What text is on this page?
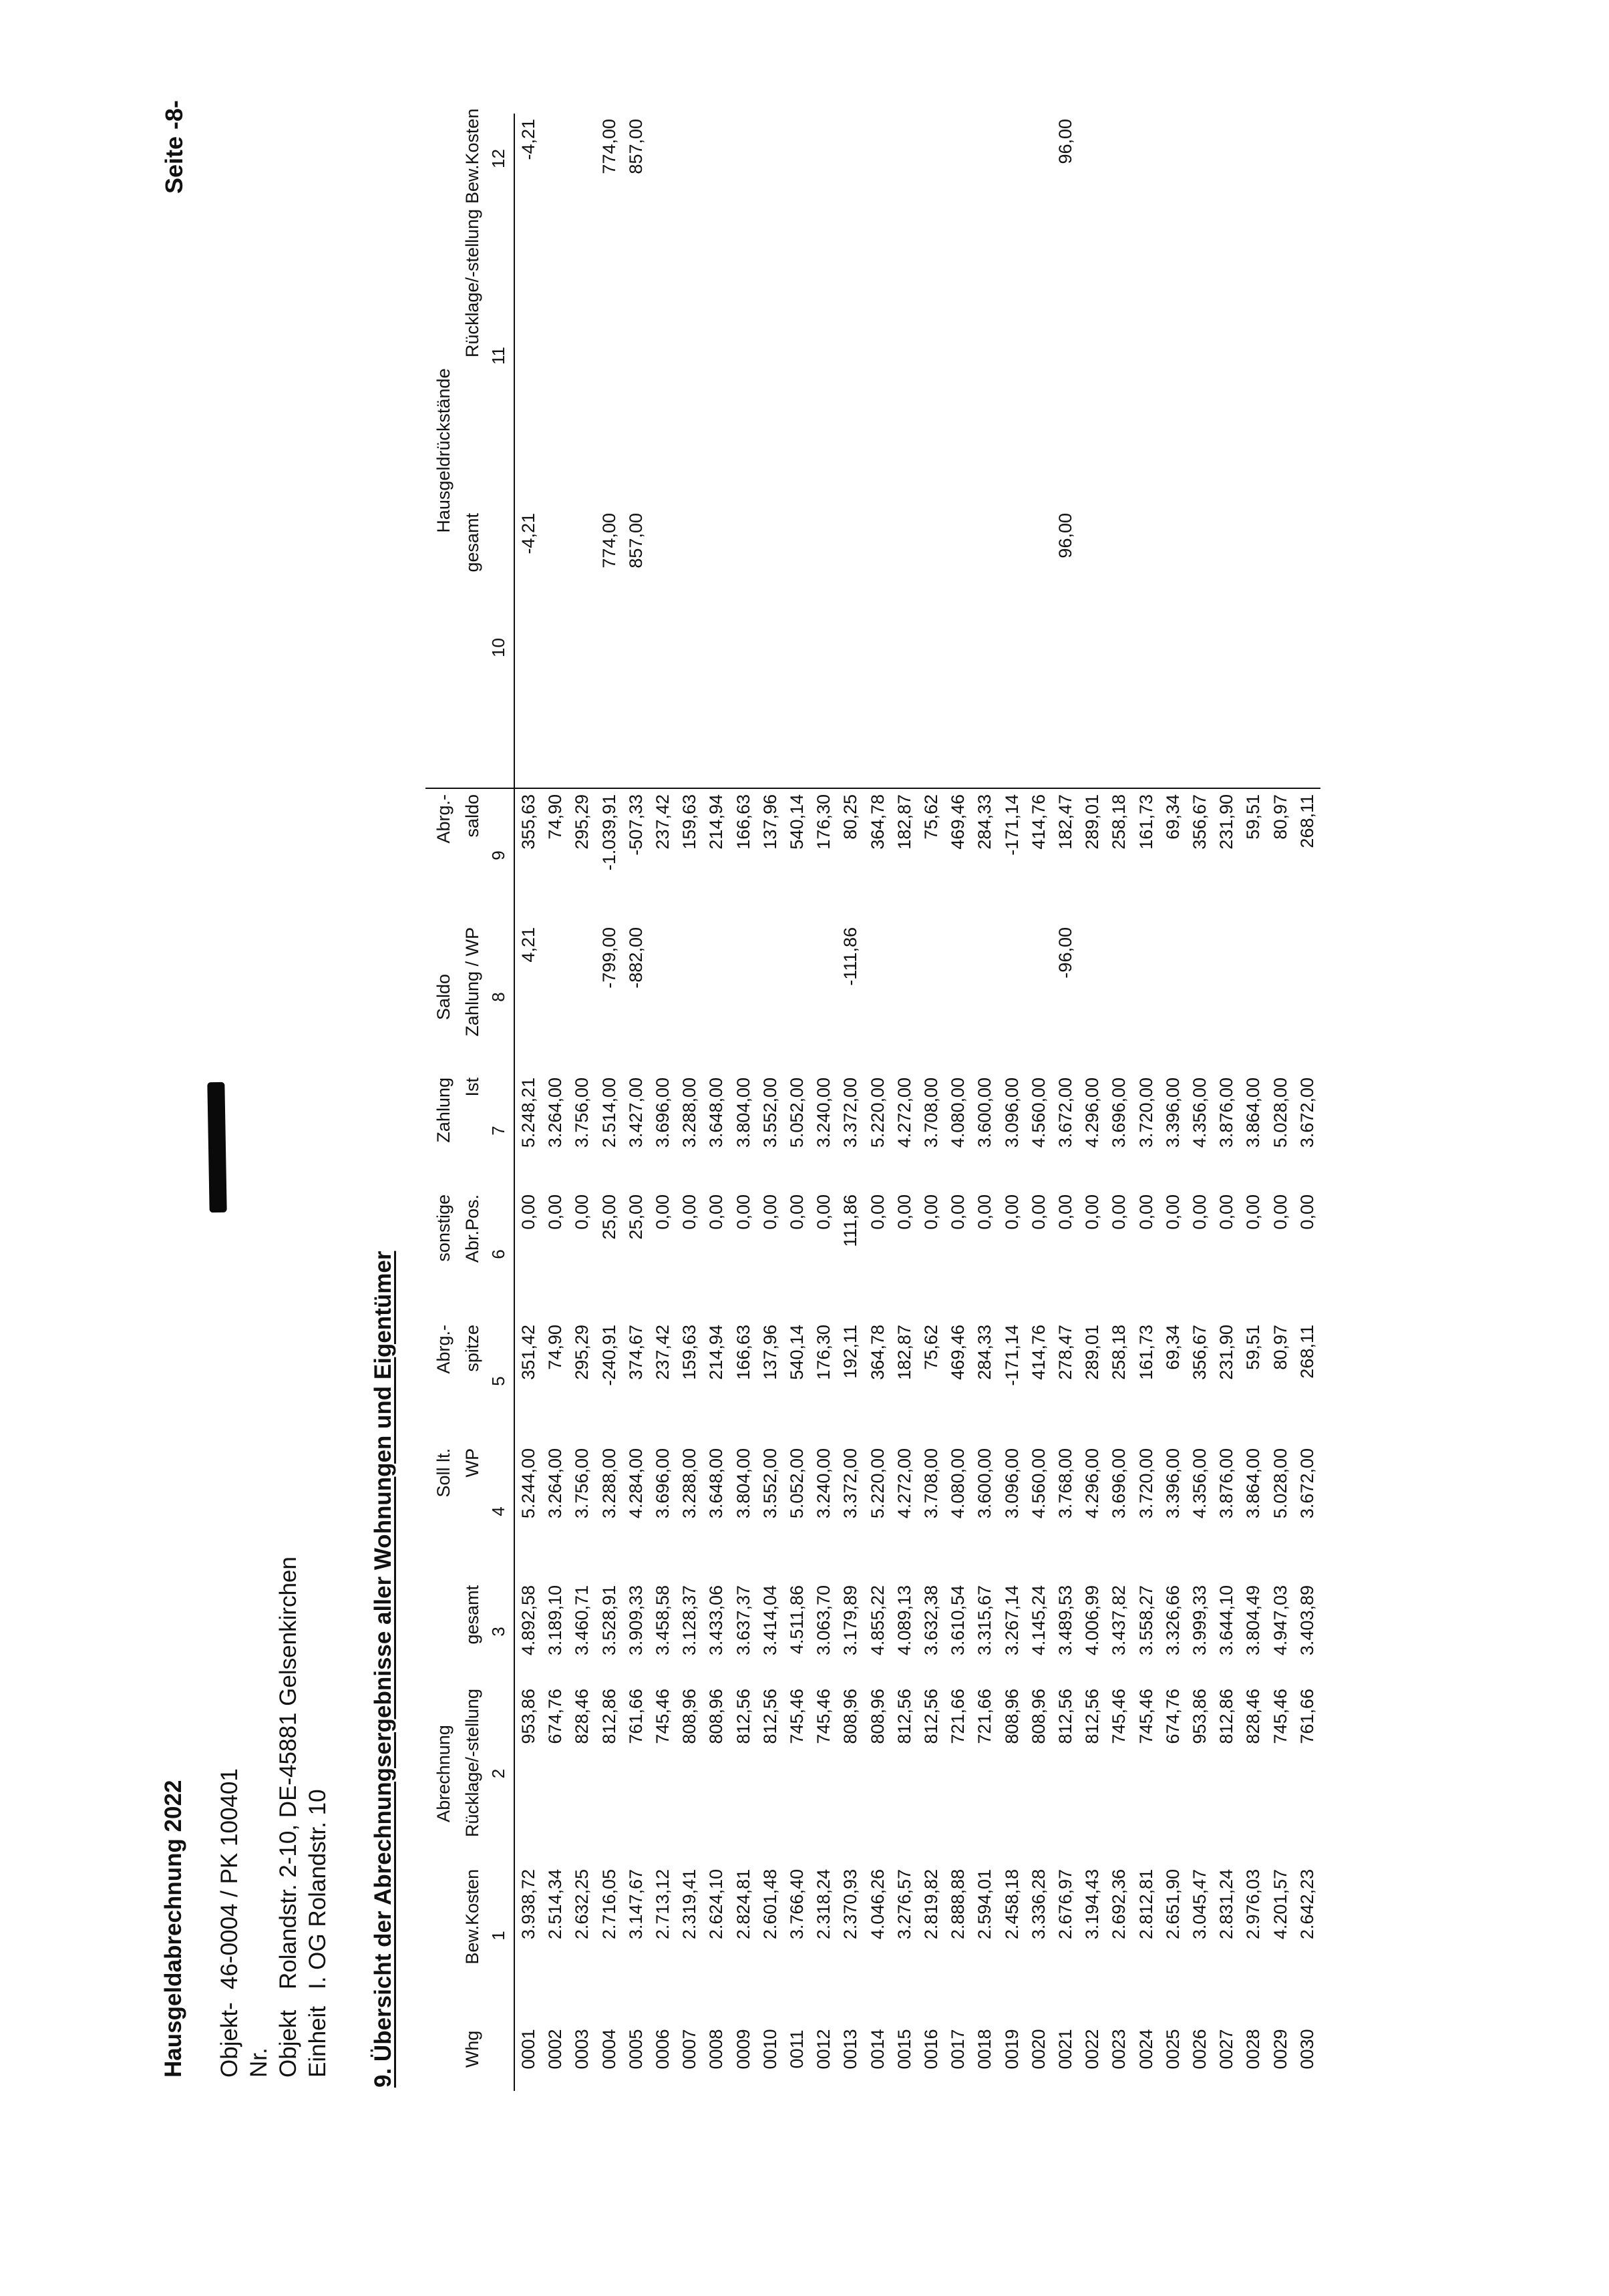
Hausgeldabrechnung 2022
Seite -8-
Objekt-Nr.
46-0004 / PK 100401
Objekt
Rolandstr. 2-10, DE-45881 Gelsenkirchen
Einheit
I. OG Rolandstr. 10 9. Übersicht der Abrechnungsergebnisse aller Wohnungen und Eigentümer
		Abrechnung		Soll lt.	Abrg.-	sonstige	Zahlung	Saldo	Abrg.-	Hausgeldrückstände		
Whg	Bew.Kosten	Rücklage/-stellung	gesamt	WP	spitze	Abr.Pos.	Ist	Zahlung / WP	saldo	gesamt	Rücklage/-stellung	Bew.Kosten
	1	2	3	4	5	6	7	8	9	10	11	12
0001	3.938,72	953,86	4.892,58	5.244,00	351,42	0,00	5.248,21	4,21	355,63	-4,21		-4,21
0002	2.514,34	674,76	3.189,10	3.264,00	74,90	0,00	3.264,00		74,90			
0003	2.632,25	828,46	3.460,71	3.756,00	295,29	0,00	3.756,00		295,29			
0004	2.716,05	812,86	3.528,91	3.288,00	-240,91	25,00	2.514,00	-799,00	-1.039,91	774,00		774,00
0005	3.147,67	761,66	3.909,33	4.284,00	374,67	25,00	3.427,00	-882,00	-507,33	857,00		857,00
0006	2.713,12	745,46	3.458,58	3.696,00	237,42	0,00	3.696,00		237,42			
0007	2.319,41	808,96	3.128,37	3.288,00	159,63	0,00	3.288,00		159,63			
0008	2.624,10	808,96	3.433,06	3.648,00	214,94	0,00	3.648,00		214,94			
0009	2.824,81	812,56	3.637,37	3.804,00	166,63	0,00	3.804,00		166,63			
0010	2.601,48	812,56	3.414,04	3.552,00	137,96	0,00	3.552,00		137,96			
0011	3.766,40	745,46	4.511,86	5.052,00	540,14	0,00	5.052,00		540,14			
0012	2.318,24	745,46	3.063,70	3.240,00	176,30	0,00	3.240,00		176,30			
0013	2.370,93	808,96	3.179,89	3.372,00	192,11	111,86	3.372,00	-111,86	80,25			
0014	4.046,26	808,96	4.855,22	5.220,00	364,78	0,00	5.220,00		364,78			
0015	3.276,57	812,56	4.089,13	4.272,00	182,87	0,00	4.272,00		182,87			
0016	2.819,82	812,56	3.632,38	3.708,00	75,62	0,00	3.708,00		75,62			
0017	2.888,88	721,66	3.610,54	4.080,00	469,46	0,00	4.080,00		469,46			
0018	2.594,01	721,66	3.315,67	3.600,00	284,33	0,00	3.600,00		284,33			
0019	2.458,18	808,96	3.267,14	3.096,00	-171,14	0,00	3.096,00		-171,14			
0020	3.336,28	808,96	4.145,24	4.560,00	414,76	0,00	4.560,00		414,76			
0021	2.676,97	812,56	3.489,53	3.768,00	278,47	0,00	3.672,00	-96,00	182,47	96,00		96,00
0022	3.194,43	812,56	4.006,99	4.296,00	289,01	0,00	4.296,00		289,01			
0023	2.692,36	745,46	3.437,82	3.696,00	258,18	0,00	3.696,00		258,18			
0024	2.812,81	745,46	3.558,27	3.720,00	161,73	0,00	3.720,00		161,73			
0025	2.651,90	674,76	3.326,66	3.396,00	69,34	0,00	3.396,00		69,34			
0026	3.045,47	953,86	3.999,33	4.356,00	356,67	0,00	4.356,00		356,67			
0027	2.831,24	812,86	3.644,10	3.876,00	231,90	0,00	3.876,00		231,90			
0028	2.976,03	828,46	3.804,49	3.864,00	59,51	0,00	3.864,00		59,51			
0029	4.201,57	745,46	4.947,03	5.028,00	80,97	0,00	5.028,00		80,97			
0030	2.642,23	761,66	3.403,89	3.672,00	268,11	0,00	3.672,00		268,11			
